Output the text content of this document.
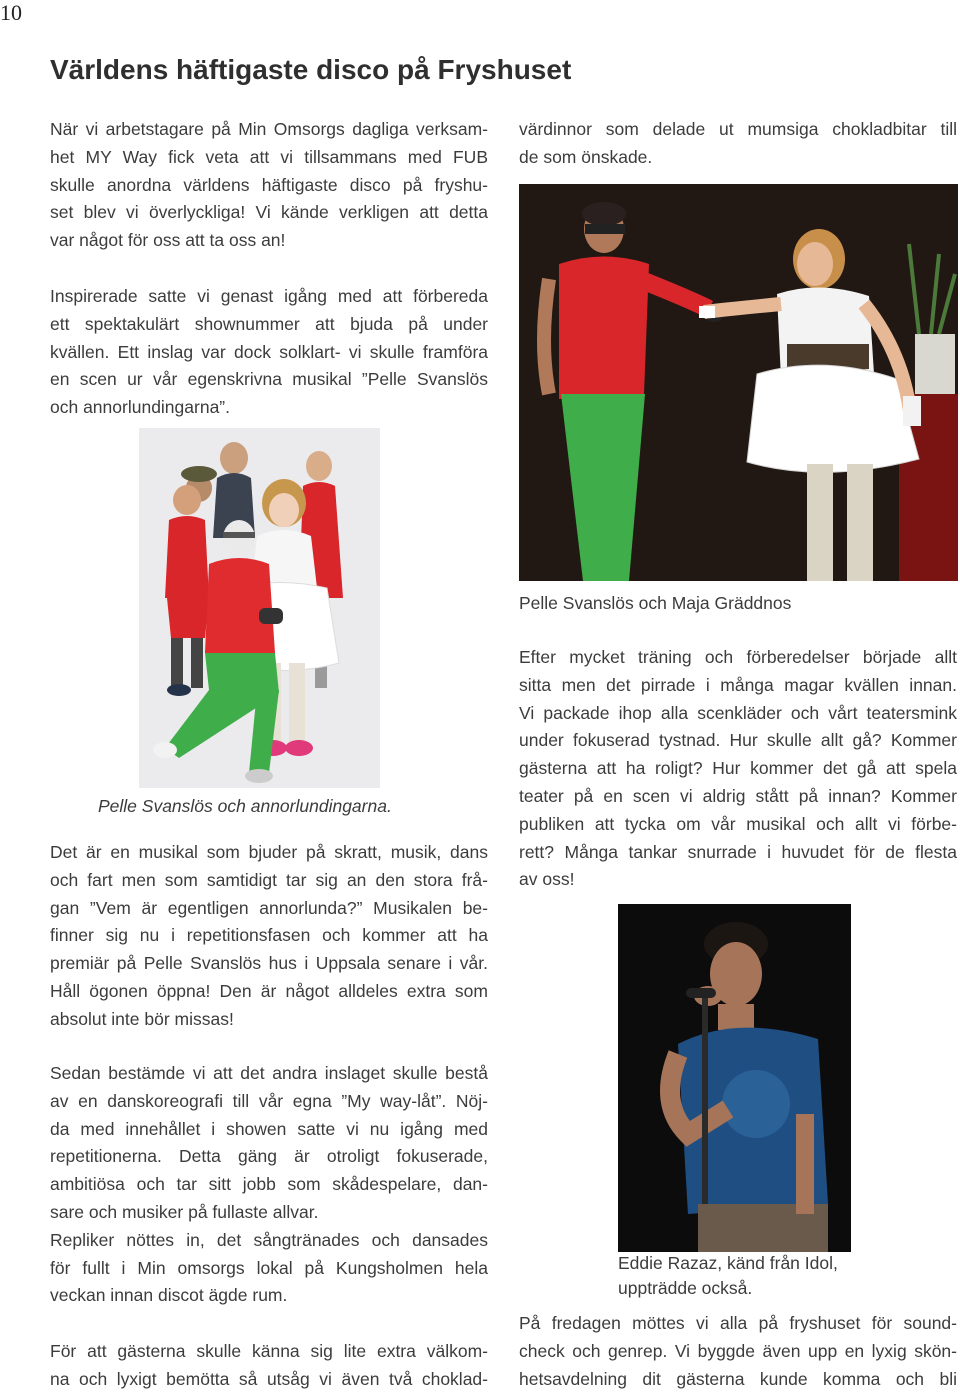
10
Världens häftigaste disco på Fryshuset

När vi arbetstagare på Min Omsorgs dagliga verksam-
het MY Way fick veta att vi tillsammans med FUB
skulle anordna världens häftigaste disco på fryshu-
set blev vi överlyckliga! Vi kände verkligen att detta
var något för oss att ta oss an!

Inspirerade satte vi genast igång med att förbereda
ett spektakulärt shownummer att bjuda på under
kvällen. Ett inslag var dock solklart- vi skulle framföra
en scen ur vår egenskrivna musikal ”Pelle Svanslös
och annorlundingarna”.

Pelle Svanslös och annorlundingarna.

Det är en musikal som bjuder på skratt, musik, dans
och fart men som samtidigt tar sig an den stora frå-
gan ”Vem är egentligen annorlunda?” Musikalen be-
finner sig nu i repetitionsfasen och kommer att ha
premiär på Pelle Svanslös hus i Uppsala senare i vår.
Håll ögonen öppna! Den är något alldeles extra som
absolut inte bör missas!

Sedan bestämde vi att det andra inslaget skulle bestå
av en danskoreografi till vår egna ”My way-låt”. Nöj-
da med innehållet i showen satte vi nu igång med
repetitionerna. Detta gäng är otroligt fokuserade,
ambitiösa och tar sitt jobb som skådespelare, dan-
sare och musiker på fullaste allvar.
Repliker nöttes in, det sångtränades och dansades
för fullt i Min omsorgs lokal på Kungsholmen hela
veckan innan discot ägde rum.

För att gästerna skulle känna sig lite extra välkom-
na och lyxigt bemötta så utsåg vi även två choklad-

värdinnor som delade ut mumsiga chokladbitar till
de som önskade.

Pelle Svanslös och Maja Gräddnos

Efter mycket träning och förberedelser började allt
sitta men det pirrade i många magar kvällen innan.
Vi packade ihop alla scenkläder och vårt teatersmink
under fokuserad tystnad. Hur skulle allt gå? Kommer
gästerna att ha roligt? Hur kommer det gå att spela
teater på en scen vi aldrig stått på innan? Kommer
publiken att tycka om vår musikal och allt vi förbe-
rett? Många tankar snurrade i huvudet för de flesta
av oss!

Eddie Razaz, känd från Idol,
uppträdde också.

På fredagen möttes vi alla på fryshuset för sound-
check och genrep. Vi byggde även upp en lyxig skön-
hetsavdelning dit gästerna kunde komma och bli
